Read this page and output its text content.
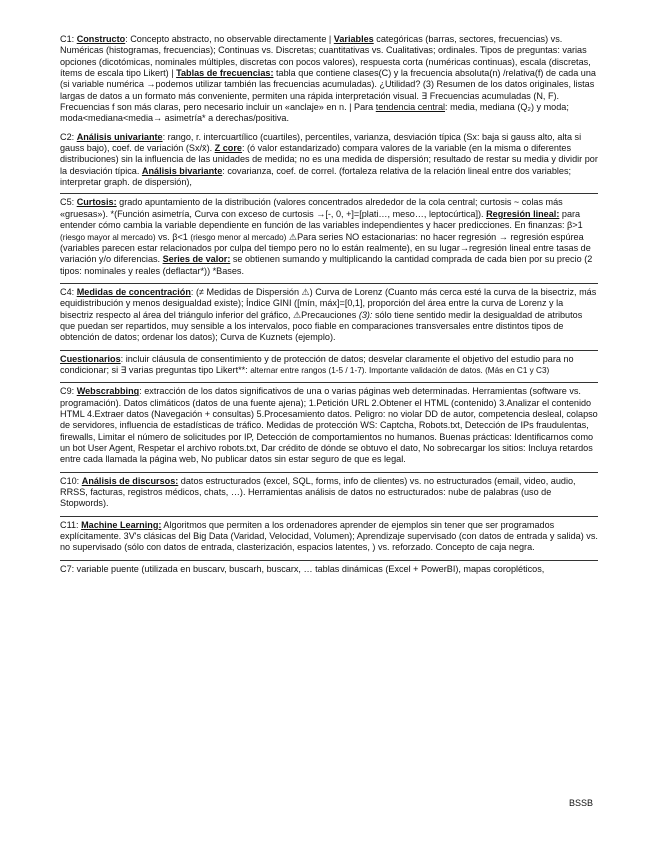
C1: Constructo: Concepto abstracto, no observable directamente | Variables categóricas (barras, sectores, frecuencias) vs. Numéricas (histogramas, frecuencias); Continuas vs. Discretas; cuantitativas vs. Cualitativas; ordinales. Tipos de preguntas: varias opciones (dicotómicas, nominales múltiples, discretas con pocos valores), respuesta corta (numéricas continuas), escala (discretas, ítems de escala tipo Likert) | Tablas de frecuencias: tabla que contiene clases(C) y la frecuencia absoluta(n) /relativa(f) de cada una (si variable numérica →podemos utilizar también las frecuencias acumuladas). ¿Utilidad? (3) Resumen de los datos originales, listas largas de datos a un formato más conveniente, permiten una rápida interpretación visual. ∃ Frecuencias acumuladas (N, F). Frecuencias f son más claras, pero necesario incluir un «anclaje» en n. | Para tendencia central: media, mediana (Q₂) y moda; moda<mediana<media→ asimetría* a derechas/positiva.
C2: Análisis univariante: rango, r. intercuartílico (cuartiles), percentiles, varianza, desviación típica (Sx: baja si gauss alto, alta si gauss bajo), coef. de variación (Sx/x̄). Z core: (ó valor estandarizado) compara valores de la variable (en la misma o diferentes distribuciones) sin la influencia de las unidades de medida; no es una medida de dispersión; resultado de restar su media y dividir por la desviación típica. Análisis bivariante: covarianza, coef. de correl. (fortaleza relativa de la relación lineal entre dos variables; interpretar graph. de dispersión),
C5: Curtosis: grado apuntamiento de la distribución (valores concentrados alrededor de la cola central; curtosis ~ colas más «gruesas»). *(Función asimetría, Curva con exceso de curtosis →[-, 0, +]=[plati…, meso…, leptocúrtica]). Regresión lineal: para entender cómo cambia la variable dependiente en función de las variables independientes y hacer predicciones. En finanzas: β>1 (riesgo mayor al mercado) vs. β<1 (riesgo menor al mercado) ⚠Para series NO estacionarias: no hacer regresión → regresión espúrea (variables parecen estar relacionados por culpa del tiempo pero no lo están realmente), en su lugar→regresión lineal entre tasas de variación y/o diferencias. Series de valor: se obtienen sumando y multiplicando la cantidad comprada de cada bien por su precio (2 tipos: nominales y reales (deflactar*)) *Bases.
C4: Medidas de concentración: (≠ Medidas de Dispersión ⚠) Curva de Lorenz (Cuanto más cerca esté la curva de la bisectriz, más equidistribución y menos desigualdad existe); Índice GINI ([mín, máx]=[0,1], proporción del área entre la curva de Lorenz y la bisectriz respecto al área del triángulo inferior del gráfico, ⚠Precauciones (3): sólo tiene sentido medir la desigualdad de atributos que puedan ser repartidos, muy sensible a los intervalos, poco fiable en comparaciones transversales entre distintos tipos de obtención de datos; ordenar los datos); Curva de Kuznets (ejemplo).
Cuestionarios: incluir cláusula de consentimiento y de protección de datos; desvelar claramente el objetivo del estudio para no condicionar; si ∃ varias preguntas tipo Likert**: alternar entre rangos (1-5 / 1-7). Importante validación de datos. (Más en C1 y C3)
C9: Webscrabbing: extracción de los datos significativos de una o varias páginas web determinadas. Herramientas (software vs. programación). Datos climáticos (datos de una fuente ajena); 1.Petición URL 2.Obtener el HTML (contenido) 3.Analizar el contenido HTML 4.Extraer datos (Navegación + consultas) 5.Procesamiento datos. Peligro: no violar DD de autor, competencia desleal, colapso de servidores, influencia de estadísticas de tráfico. Medidas de protección WS: Captcha, Robots.txt, Detección de IPs fraudulentas, firewalls, Limitar el número de solicitudes por IP, Detección de comportamientos no humanos. Buenas prácticas: Identificarnos como un bot User Agent, Respetar el archivo robots.txt, Dar crédito de dónde se obtuvo el dato, No sobrecargar los sitios: Incluya retardos entre cada llamada la página web, No publicar datos sin estar seguro de que es legal.
C10: Análisis de discursos: datos estructurados (excel, SQL, forms, info de clientes) vs. no estructurados (email, video, audio, RRSS, facturas, registros médicos, chats, …). Herramientas análisis de datos no estructurados: nube de palabras (uso de Stopwords).
C11: Machine Learning: Algoritmos que permiten a los ordenadores aprender de ejemplos sin tener que ser programados explícitamente. 3V's clásicas del Big Data (Varidad, Velocidad, Volumen); Aprendizaje supervisado (con datos de entrada y salida) vs. no supervisado (sólo con datos de entrada, clasterización, espacios latentes, ) vs. reforzado. Concepto de caja negra.
C7: variable puente (utilizada en buscarv, buscarh, buscarx, … tablas dinámicas (Excel + PowerBI), mapas coropléticos,
BSSB
